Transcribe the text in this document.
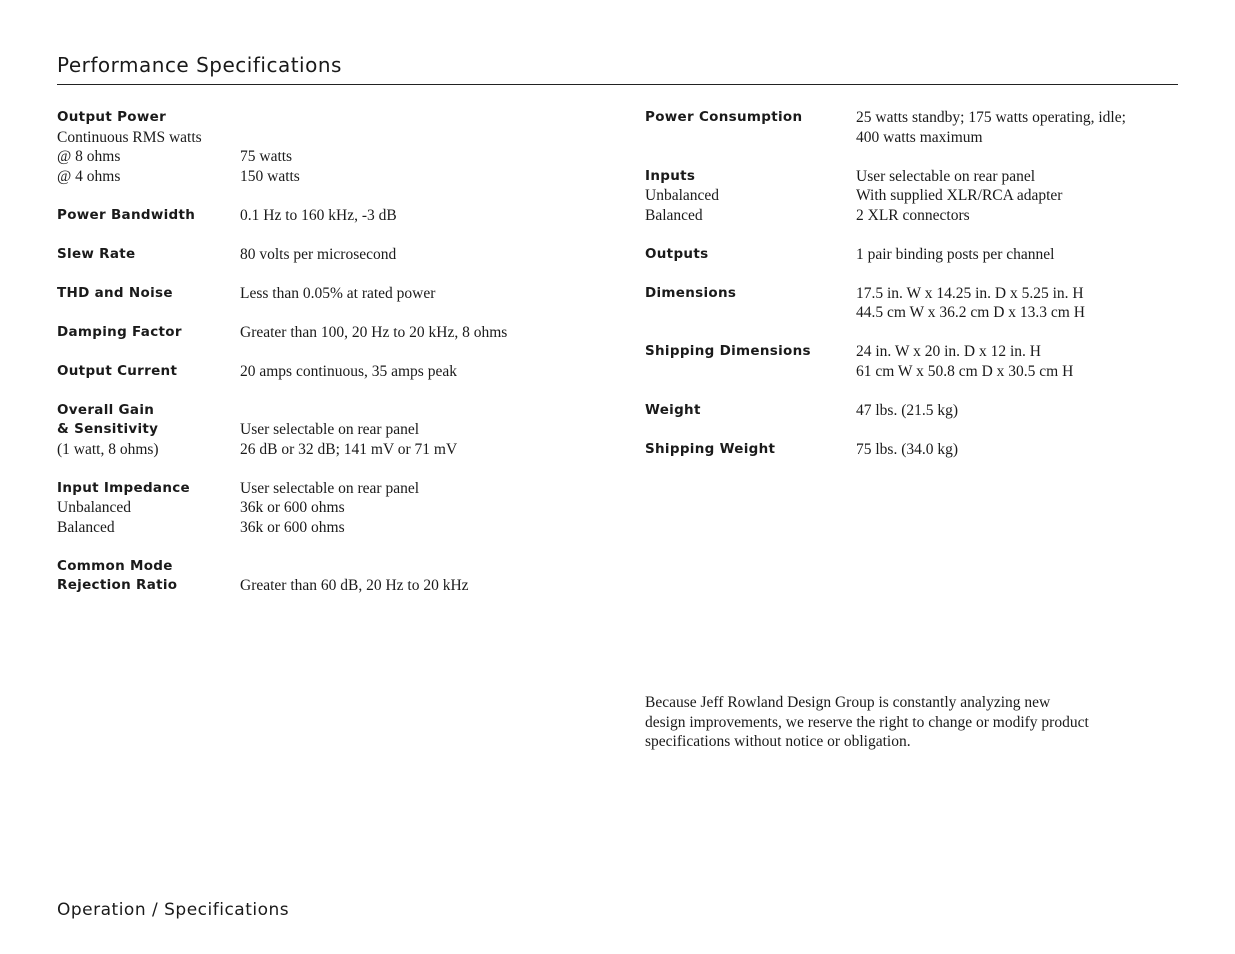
Performance Specifications
Output Power
Continuous RMS watts
@ 8 ohms	75 watts
@ 4 ohms	150 watts
Power Bandwidth	0.1 Hz to 160 kHz, -3 dB
Slew Rate	80 volts per microsecond
THD and Noise	Less than 0.05% at rated power
Damping Factor	Greater than 100, 20 Hz to 20 kHz, 8 ohms
Output Current	20 amps continuous, 35 amps peak
Overall Gain
& Sensitivity	User selectable on rear panel
(1 watt, 8 ohms)	26 dB or 32 dB; 141 mV or 71 mV
Input Impedance	User selectable on rear panel
Unbalanced	36k or 600 ohms
Balanced	36k or 600 ohms
Common Mode
Rejection Ratio	Greater than 60 dB, 20 Hz to 20 kHz
Power Consumption	25 watts standby; 175 watts operating, idle;
400 watts maximum
Inputs	User selectable on rear panel
Unbalanced	With supplied XLR/RCA adapter
Balanced	2 XLR connectors
Outputs	1 pair binding posts per channel
Dimensions	17.5 in. W x 14.25 in. D x 5.25 in. H
44.5 cm W x 36.2 cm D x 13.3 cm H
Shipping Dimensions	24 in. W x 20 in. D x 12 in. H
61 cm W x 50.8 cm D x 30.5 cm H
Weight	47 lbs. (21.5 kg)
Shipping Weight	75 lbs. (34.0 kg)

Because Jeff Rowland Design Group is constantly analyzing new
design improvements, we reserve the right to change or modify product
specifications without notice or obligation.

Operation / Specifications
